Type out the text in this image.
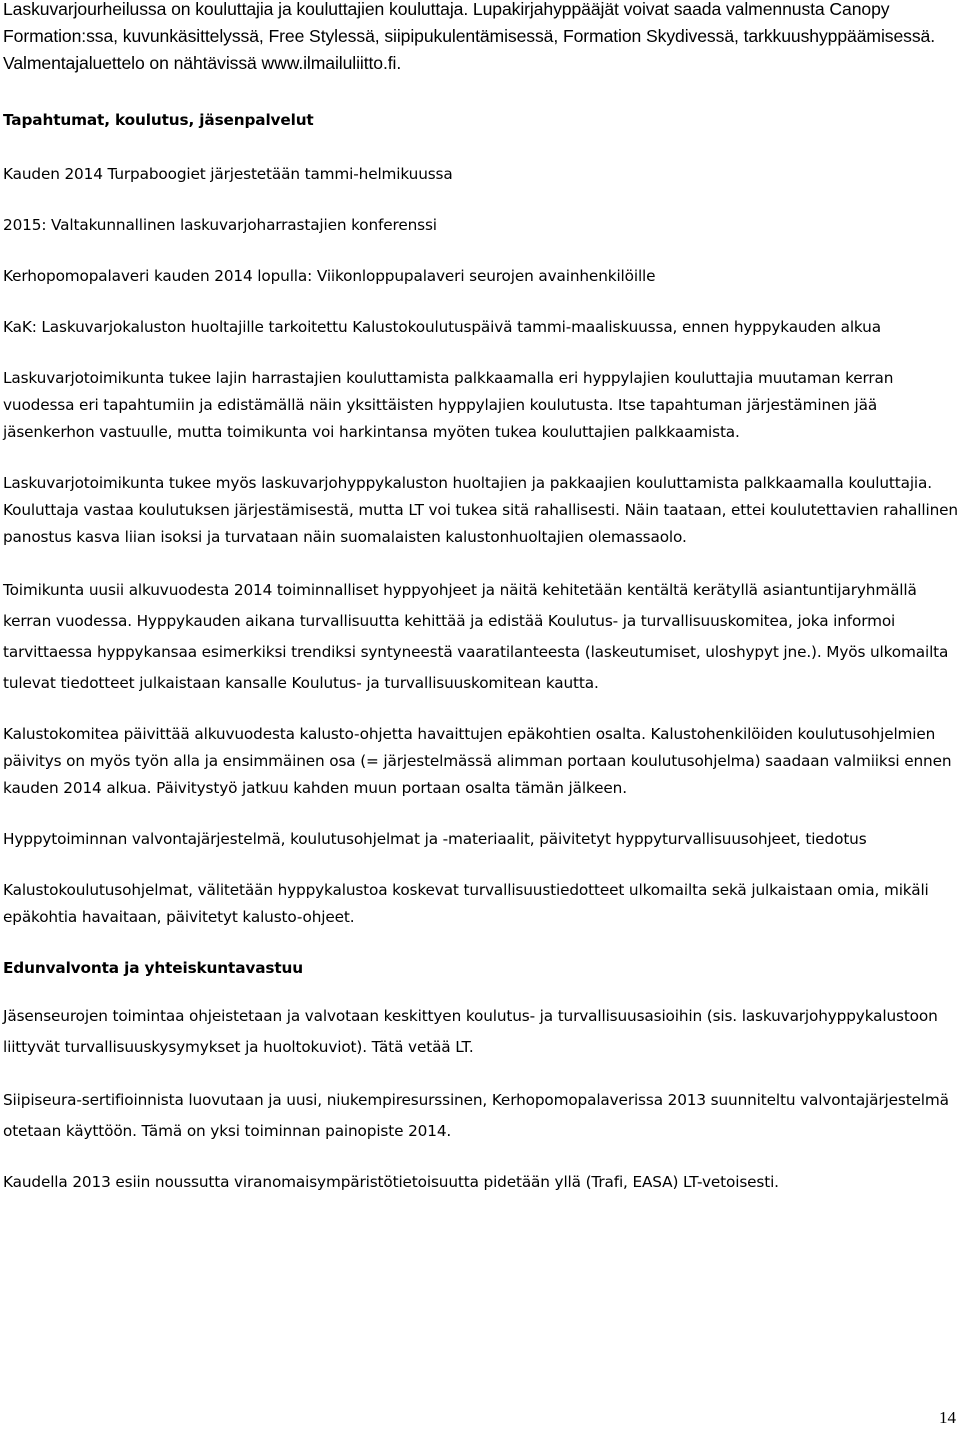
Laskuvarjourheilussa on kouluttajia ja kouluttajien kouluttaja. Lupakirjahyppääjät voivat saada valmennusta Canopy Formation:ssa, kuvunkäsittelyssä, Free Stylessä, siipipukulentämisessä, Formation Skydivessä, tarkkuushyppäämisessä. Valmentajaluettelo on nähtävissä www.ilmailuliitto.fi.

Tapahtumat, koulutus, jäsenpalvelut

Kauden 2014 Turpaboogiet järjestetään tammi-helmikuussa

2015: Valtakunnallinen laskuvarjoharrastajien konferenssi

Kerhopomopalaveri kauden 2014 lopulla: Viikonloppupalaveri seurojen avainhenkilöille

KaK: Laskuvarjokaluston huoltajille tarkoitettu Kalustokoulutuspäivä tammi-maaliskuussa, ennen hyppykauden alkua

Laskuvarjotoimikunta tukee lajin harrastajien kouluttamista palkkaamalla eri hyppylajien kouluttajia muutaman kerran vuodessa eri tapahtumiin ja edistämällä näin yksittäisten hyppylajien koulutusta. Itse tapahtuman järjestäminen jää jäsenkerhon vastuulle, mutta toimikunta voi harkintansa myöten tukea kouluttajien palkkaamista.

Laskuvarjotoimikunta tukee myös laskuvarjohyppykaluston huoltajien ja pakkaajien kouluttamista palkkaamalla kouluttajia. Kouluttaja vastaa koulutuksen järjestämisestä, mutta LT voi tukea sitä rahallisesti. Näin taataan, ettei koulutettavien rahallinen panostus kasva liian isoksi ja turvataan näin suomalaisten kalustonhuoltajien olemassaolo.

Toimikunta uusii alkuvuodesta 2014 toiminnalliset hyppyohjeet ja näitä kehitetään kentältä kerätyllä asiantuntijaryhmällä kerran vuodessa. Hyppykauden aikana turvallisuutta kehittää ja edistää Koulutus- ja turvallisuuskomitea, joka informoi tarvittaessa hyppykansaa esimerkiksi trendiksi syntyneestä vaaratilanteesta (laskeutumiset, uloshypyt jne.). Myös ulkomailta tulevat tiedotteet julkaistaan kansalle Koulutus- ja turvallisuuskomitean kautta.

Kalustokomitea päivittää alkuvuodesta kalusto-ohjetta havaittujen epäkohtien osalta. Kalustohenkilöiden koulutusohjelmien päivitys on myös työn alla ja ensimmäinen osa (= järjestelmässä alimman portaan koulutusohjelma) saadaan valmiiksi ennen kauden 2014 alkua. Päivitystyö jatkuu kahden muun portaan osalta tämän jälkeen.

Hyppytoiminnan valvontajärjestelmä, koulutusohjelmat ja -materiaalit, päivitetyt hyppyturvallisuusohjeet, tiedotus

Kalustokoulutusohjelmat, välitetään hyppykalustoa koskevat turvallisuustiedotteet ulkomailta sekä julkaistaan omia, mikäli epäkohtia havaitaan, päivitetyt kalusto-ohjeet.

Edunvalvonta ja yhteiskuntavastuu

Jäsenseurojen toimintaa ohjeistetaan ja valvotaan keskittyen koulutus- ja turvallisuusasioihin (sis. laskuvarjohyppykalustoon liittyvät turvallisuuskysymykset ja huoltokuviot). Tätä vetää LT.

Siipiseura-sertifioinnista luovutaan ja uusi, niukempiresurssinen, Kerhopomopalaverissa 2013 suunniteltu valvontajärjestelmä otetaan käyttöön. Tämä on yksi toiminnan painopiste 2014.

Kaudella 2013 esiin noussutta viranomaisympäristötietoisuutta pidetään yllä (Trafi, EASA) LT-vetoisesti.

14
